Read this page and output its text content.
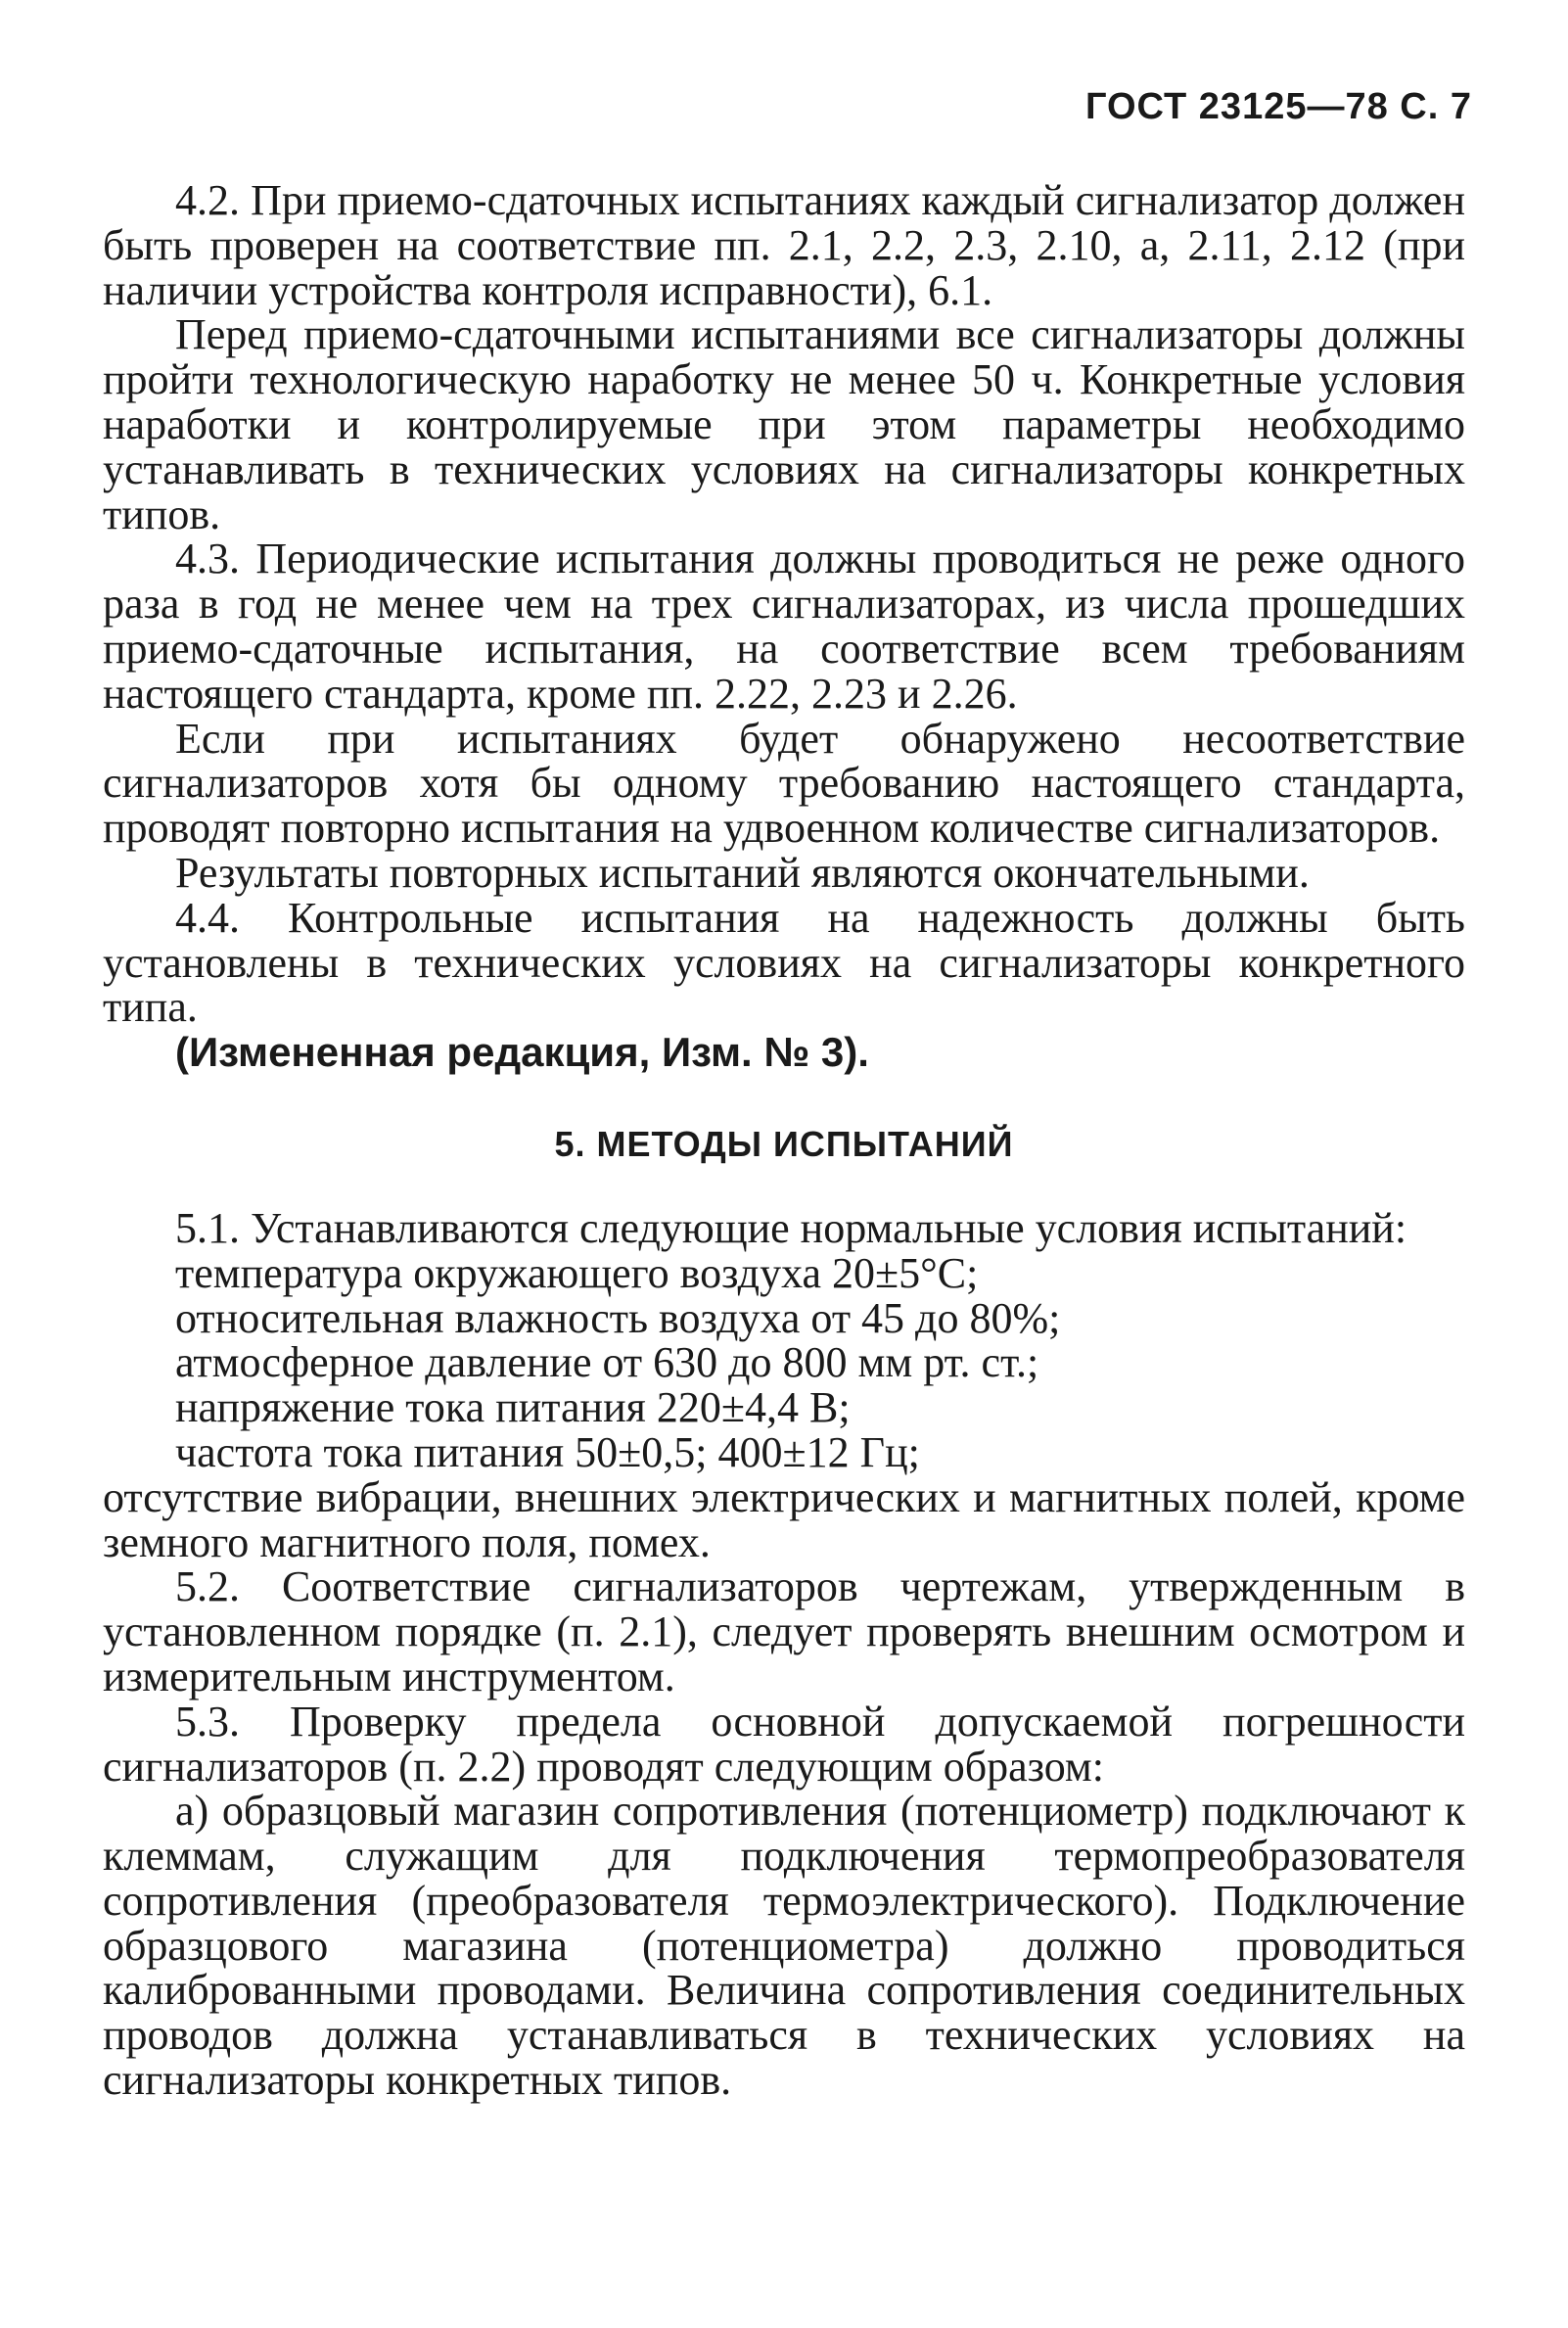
ГОСТ 23125—78 С. 7

4.2. При приемо-сдаточных испытаниях каждый сигнализатор должен быть проверен на соответствие пп. 2.1, 2.2, 2.3, 2.10, а, 2.11, 2.12 (при наличии устройства контроля исправности), 6.1.

Перед приемо-сдаточными испытаниями все сигнализаторы должны пройти технологическую наработку не менее 50 ч. Конкретные условия наработки и контролируемые при этом параметры необходимо устанавливать в технических условиях на сигнализаторы конкретных типов.

4.3. Периодические испытания должны проводиться не реже одного раза в год не менее чем на трех сигнализаторах, из числа прошедших приемо-сдаточные испытания, на соответствие всем требованиям настоящего стандарта, кроме пп. 2.22, 2.23 и 2.26.

Если при испытаниях будет обнаружено несоответствие сигнализаторов хотя бы одному требованию настоящего стандарта, проводят повторно испытания на удвоенном количестве сигнализаторов.

Результаты повторных испытаний являются окончательными.

4.4. Контрольные испытания на надежность должны быть установлены в технических условиях на сигнализаторы конкретного типа.

(Измененная редакция, Изм. № 3).

5. МЕТОДЫ ИСПЫТАНИЙ

5.1. Устанавливаются следующие нормальные условия испытаний:

температура окружающего воздуха 20±5°С;

относительная влажность воздуха от 45 до 80%;

атмосферное давление от 630 до 800 мм рт. ст.;

напряжение тока питания 220±4,4 В;

частота тока питания 50±0,5; 400±12 Гц;

отсутствие вибрации, внешних электрических и магнитных полей, кроме земного магнитного поля, помех.

5.2. Соответствие сигнализаторов чертежам, утвержденным в установленном порядке (п. 2.1), следует проверять внешним осмотром и измерительным инструментом.

5.3. Проверку предела основной допускаемой погрешности сигнализаторов (п. 2.2) проводят следующим образом:

а) образцовый магазин сопротивления (потенциометр) подключают к клеммам, служащим для подключения термопреобразователя сопротивления (преобразователя термоэлектрического). Подключение образцового магазина (потенциометра) должно проводиться калиброванными проводами. Величина сопротивления соединительных проводов должна устанавливаться в технических условиях на сигнализаторы конкретных типов.
